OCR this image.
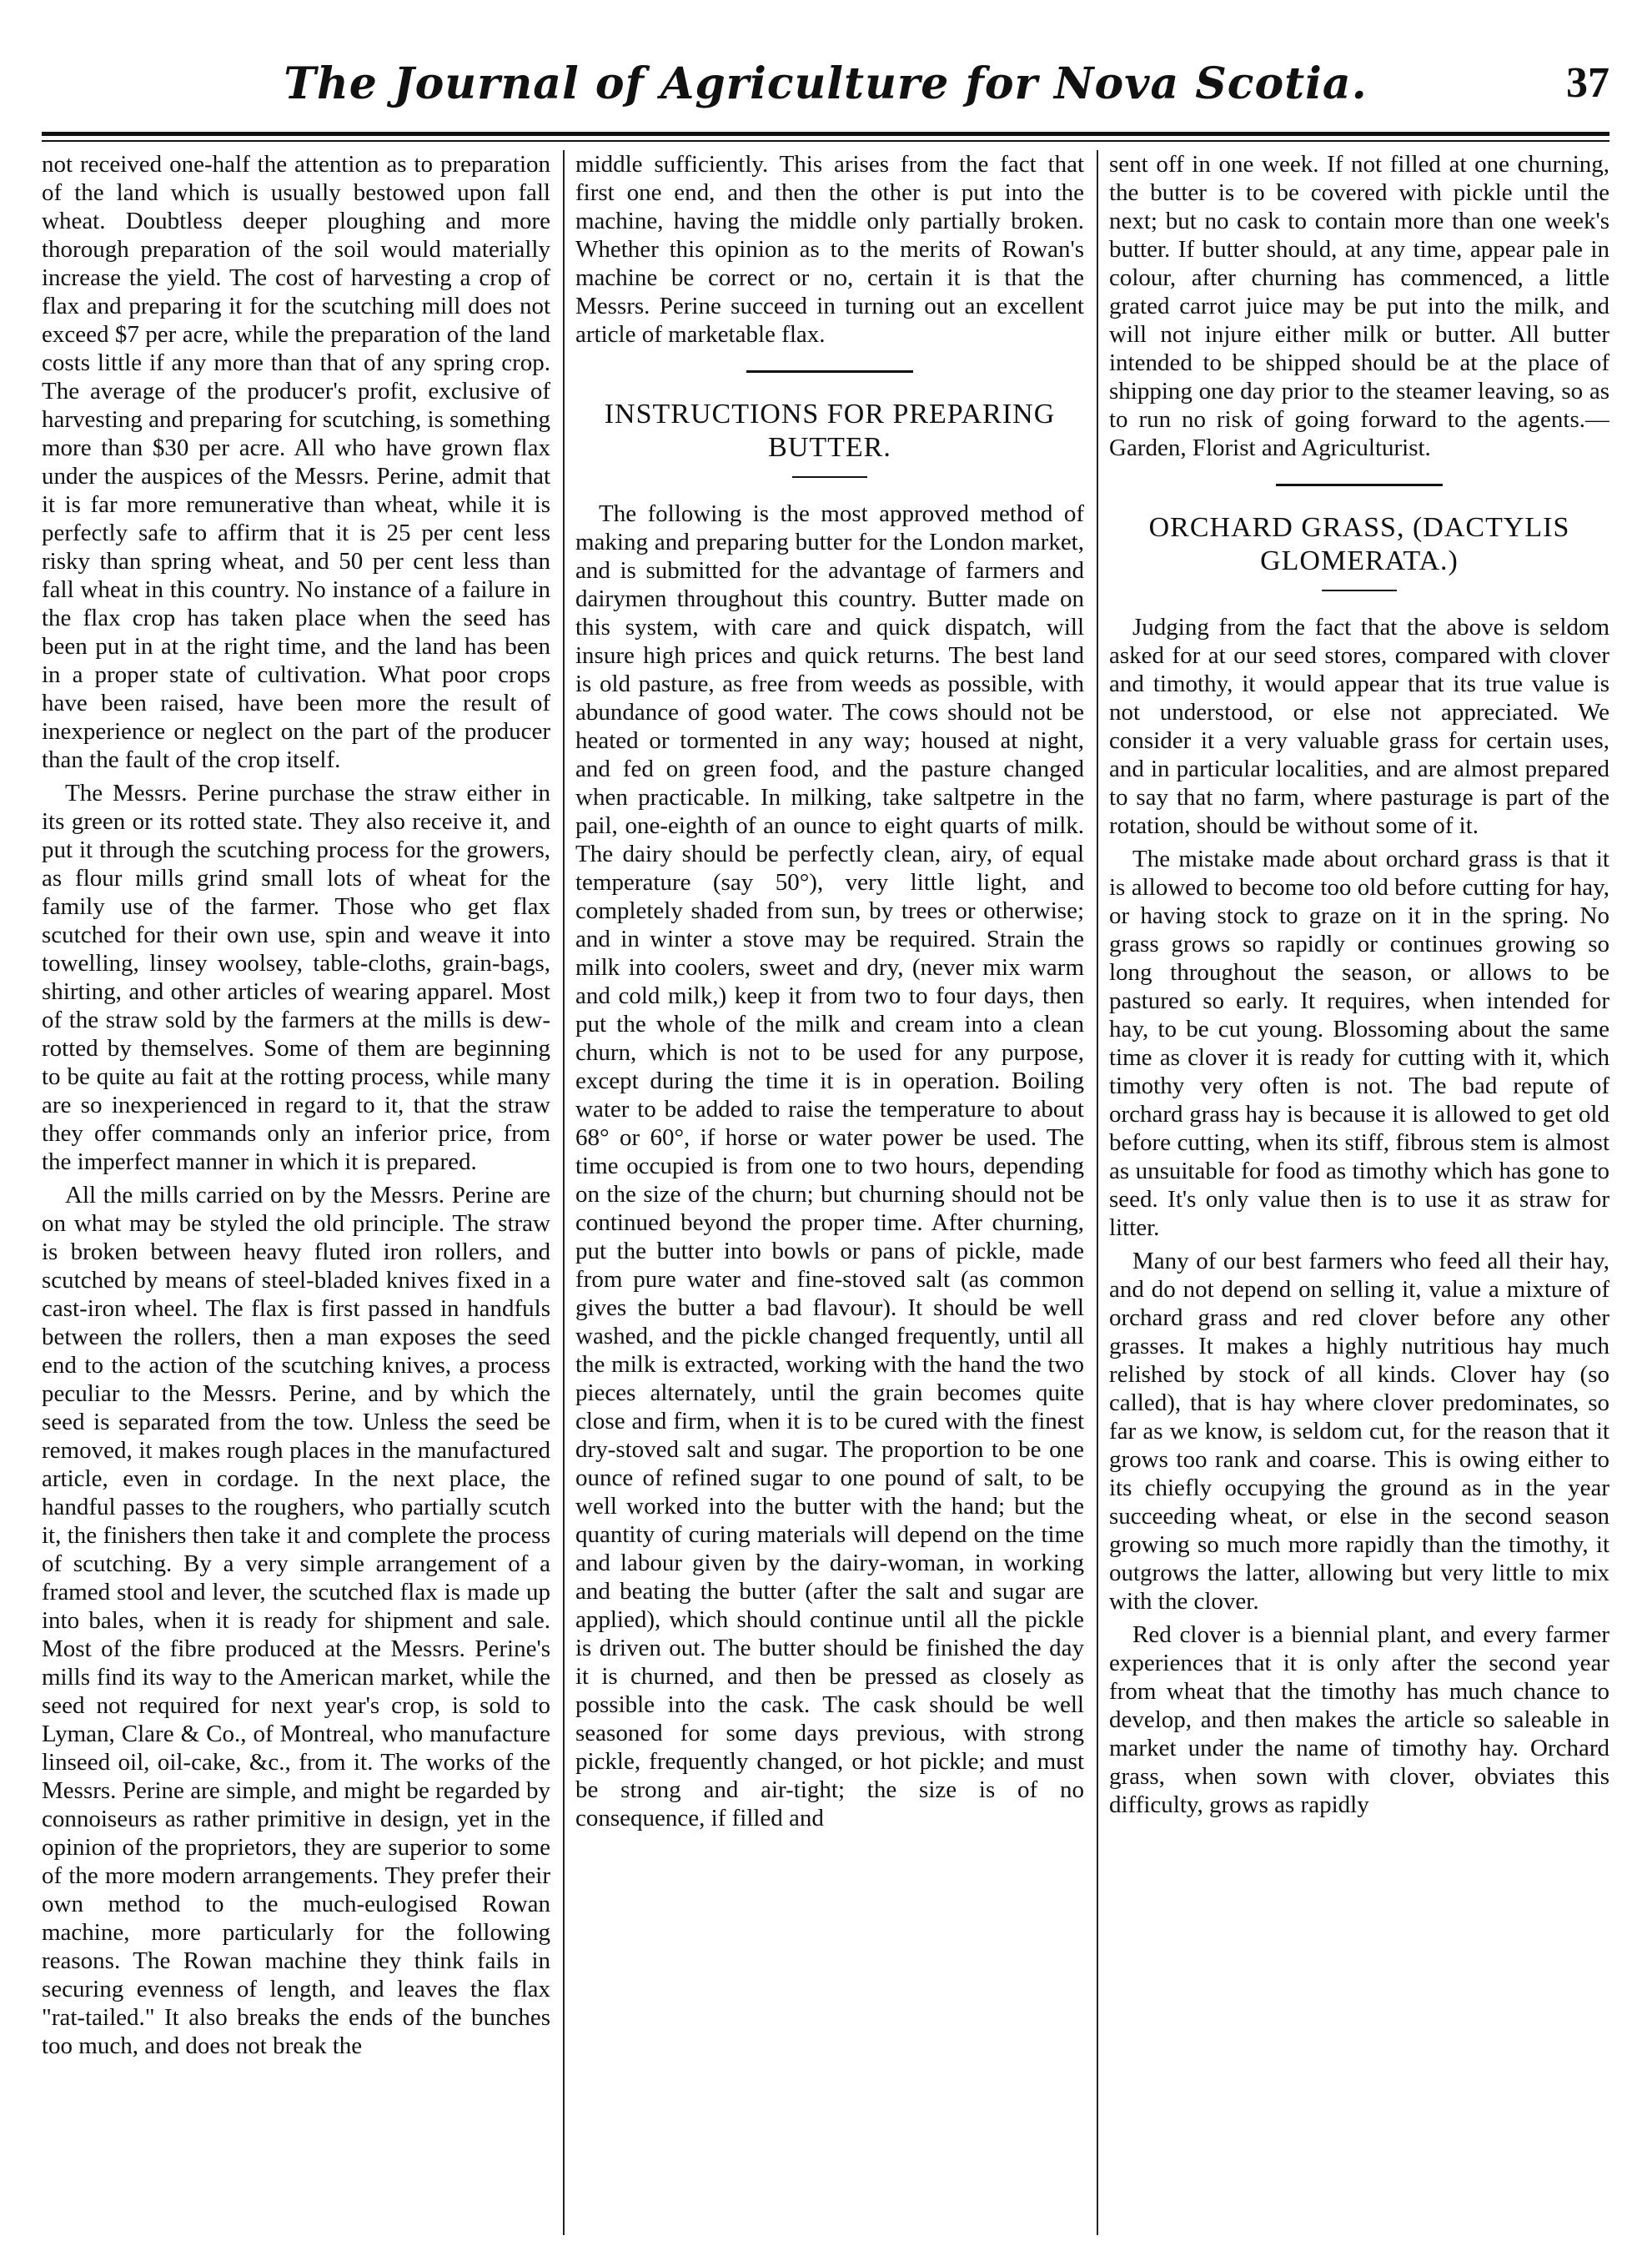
The Journal of Agriculture for Nova Scotia.	37

not received one-half the attention as to preparation of the land which is usually bestowed upon fall wheat. Doubtless deeper ploughing and more thorough preparation of the soil would materially increase the yield. The cost of harvesting a crop of flax and preparing it for the scutching mill does not exceed $7 per acre, while the preparation of the land costs little if any more than that of any spring crop. The average of the producer's profit, exclusive of harvesting and preparing for scutching, is something more than $30 per acre. All who have grown flax under the auspices of the Messrs. Perine, admit that it is far more remunerative than wheat, while it is perfectly safe to affirm that it is 25 per cent less risky than spring wheat, and 50 per cent less than fall wheat in this country. No instance of a failure in the flax crop has taken place when the seed has been put in at the right time, and the land has been in a proper state of cultivation. What poor crops have been raised, have been more the result of inexperience or neglect on the part of the producer than the fault of the crop itself.

The Messrs. Perine purchase the straw either in its green or its rotted state. They also receive it, and put it through the scutching process for the growers, as flour mills grind small lots of wheat for the family use of the farmer. Those who get flax scutched for their own use, spin and weave it into towelling, linsey woolsey, table-cloths, grain-bags, shirting, and other articles of wearing apparel. Most of the straw sold by the farmers at the mills is dew-rotted by themselves. Some of them are beginning to be quite au fait at the rotting process, while many are so inexperienced in regard to it, that the straw they offer commands only an inferior price, from the imperfect manner in which it is prepared.

All the mills carried on by the Messrs. Perine are on what may be styled the old principle. The straw is broken between heavy fluted iron rollers, and scutched by means of steel-bladed knives fixed in a cast-iron wheel. The flax is first passed in handfuls between the rollers, then a man exposes the seed end to the action of the scutching knives, a process peculiar to the Messrs. Perine, and by which the seed is separated from the tow. Unless the seed be removed, it makes rough places in the manufactured article, even in cordage. In the next place, the handful passes to the roughers, who partially scutch it, the finishers then take it and complete the process of scutching. By a very simple arrangement of a framed stool and lever, the scutched flax is made up into bales, when it is ready for shipment and sale. Most of the fibre produced at the Messrs. Perine's mills find its way to the American market, while the seed not required for next year's crop, is sold to Lyman, Clare & Co., of Montreal, who manufacture linseed oil, oil-cake, &c., from it. The works of the Messrs. Perine are simple, and might be regarded by connoiseurs as rather primitive in design, yet in the opinion of the proprietors, they are superior to some of the more modern arrangements. They prefer their own method to the much-eulogised Rowan machine, more particularly for the following reasons. The Rowan machine they think fails in securing evenness of length, and leaves the flax "rat-tailed." It also breaks the ends of the bunches too much, and does not break the

middle sufficiently. This arises from the fact that first one end, and then the other is put into the machine, having the middle only partially broken. Whether this opinion as to the merits of Rowan's machine be correct or no, certain it is that the Messrs. Perine succeed in turning out an excellent article of marketable flax.

INSTRUCTIONS FOR PREPARING BUTTER.

The following is the most approved method of making and preparing butter for the London market, and is submitted for the advantage of farmers and dairymen throughout this country. Butter made on this system, with care and quick dispatch, will insure high prices and quick returns. The best land is old pasture, as free from weeds as possible, with abundance of good water. The cows should not be heated or tormented in any way; housed at night, and fed on green food, and the pasture changed when practicable. In milking, take saltpetre in the pail, one-eighth of an ounce to eight quarts of milk. The dairy should be perfectly clean, airy, of equal temperature (say 50°), very little light, and completely shaded from sun, by trees or otherwise; and in winter a stove may be required. Strain the milk into coolers, sweet and dry, (never mix warm and cold milk,) keep it from two to four days, then put the whole of the milk and cream into a clean churn, which is not to be used for any purpose, except during the time it is in operation. Boiling water to be added to raise the temperature to about 68° or 60°, if horse or water power be used. The time occupied is from one to two hours, depending on the size of the churn; but churning should not be continued beyond the proper time. After churning, put the butter into bowls or pans of pickle, made from pure water and fine-stoved salt (as common gives the butter a bad flavour). It should be well washed, and the pickle changed frequently, until all the milk is extracted, working with the hand the two pieces alternately, until the grain becomes quite close and firm, when it is to be cured with the finest dry-stoved salt and sugar. The proportion to be one ounce of refined sugar to one pound of salt, to be well worked into the butter with the hand; but the quantity of curing materials will depend on the time and labour given by the dairy-woman, in working and beating the butter (after the salt and sugar are applied), which should continue until all the pickle is driven out. The butter should be finished the day it is churned, and then be pressed as closely as possible into the cask. The cask should be well seasoned for some days previous, with strong pickle, frequently changed, or hot pickle; and must be strong and air-tight; the size is of no consequence, if filled and

sent off in one week. If not filled at one churning, the butter is to be covered with pickle until the next; but no cask to contain more than one week's butter. If butter should, at any time, appear pale in colour, after churning has commenced, a little grated carrot juice may be put into the milk, and will not injure either milk or butter. All butter intended to be shipped should be at the place of shipping one day prior to the steamer leaving, so as to run no risk of going forward to the agents.—Garden, Florist and Agriculturist.

ORCHARD GRASS, (DACTYLIS GLOMERATA.)

Judging from the fact that the above is seldom asked for at our seed stores, compared with clover and timothy, it would appear that its true value is not understood, or else not appreciated. We consider it a very valuable grass for certain uses, and in particular localities, and are almost prepared to say that no farm, where pasturage is part of the rotation, should be without some of it.

The mistake made about orchard grass is that it is allowed to become too old before cutting for hay, or having stock to graze on it in the spring. No grass grows so rapidly or continues growing so long throughout the season, or allows to be pastured so early. It requires, when intended for hay, to be cut young. Blossoming about the same time as clover it is ready for cutting with it, which timothy very often is not. The bad repute of orchard grass hay is because it is allowed to get old before cutting, when its stiff, fibrous stem is almost as unsuitable for food as timothy which has gone to seed. It's only value then is to use it as straw for litter.

Many of our best farmers who feed all their hay, and do not depend on selling it, value a mixture of orchard grass and red clover before any other grasses. It makes a highly nutritious hay much relished by stock of all kinds. Clover hay (so called), that is hay where clover predominates, so far as we know, is seldom cut, for the reason that it grows too rank and coarse. This is owing either to its chiefly occupying the ground as in the year succeeding wheat, or else in the second season growing so much more rapidly than the timothy, it outgrows the latter, allowing but very little to mix with the clover.

Red clover is a biennial plant, and every farmer experiences that it is only after the second year from wheat that the timothy has much chance to develop, and then makes the article so saleable in market under the name of timothy hay. Orchard grass, when sown with clover, obviates this difficulty, grows as rapidly
